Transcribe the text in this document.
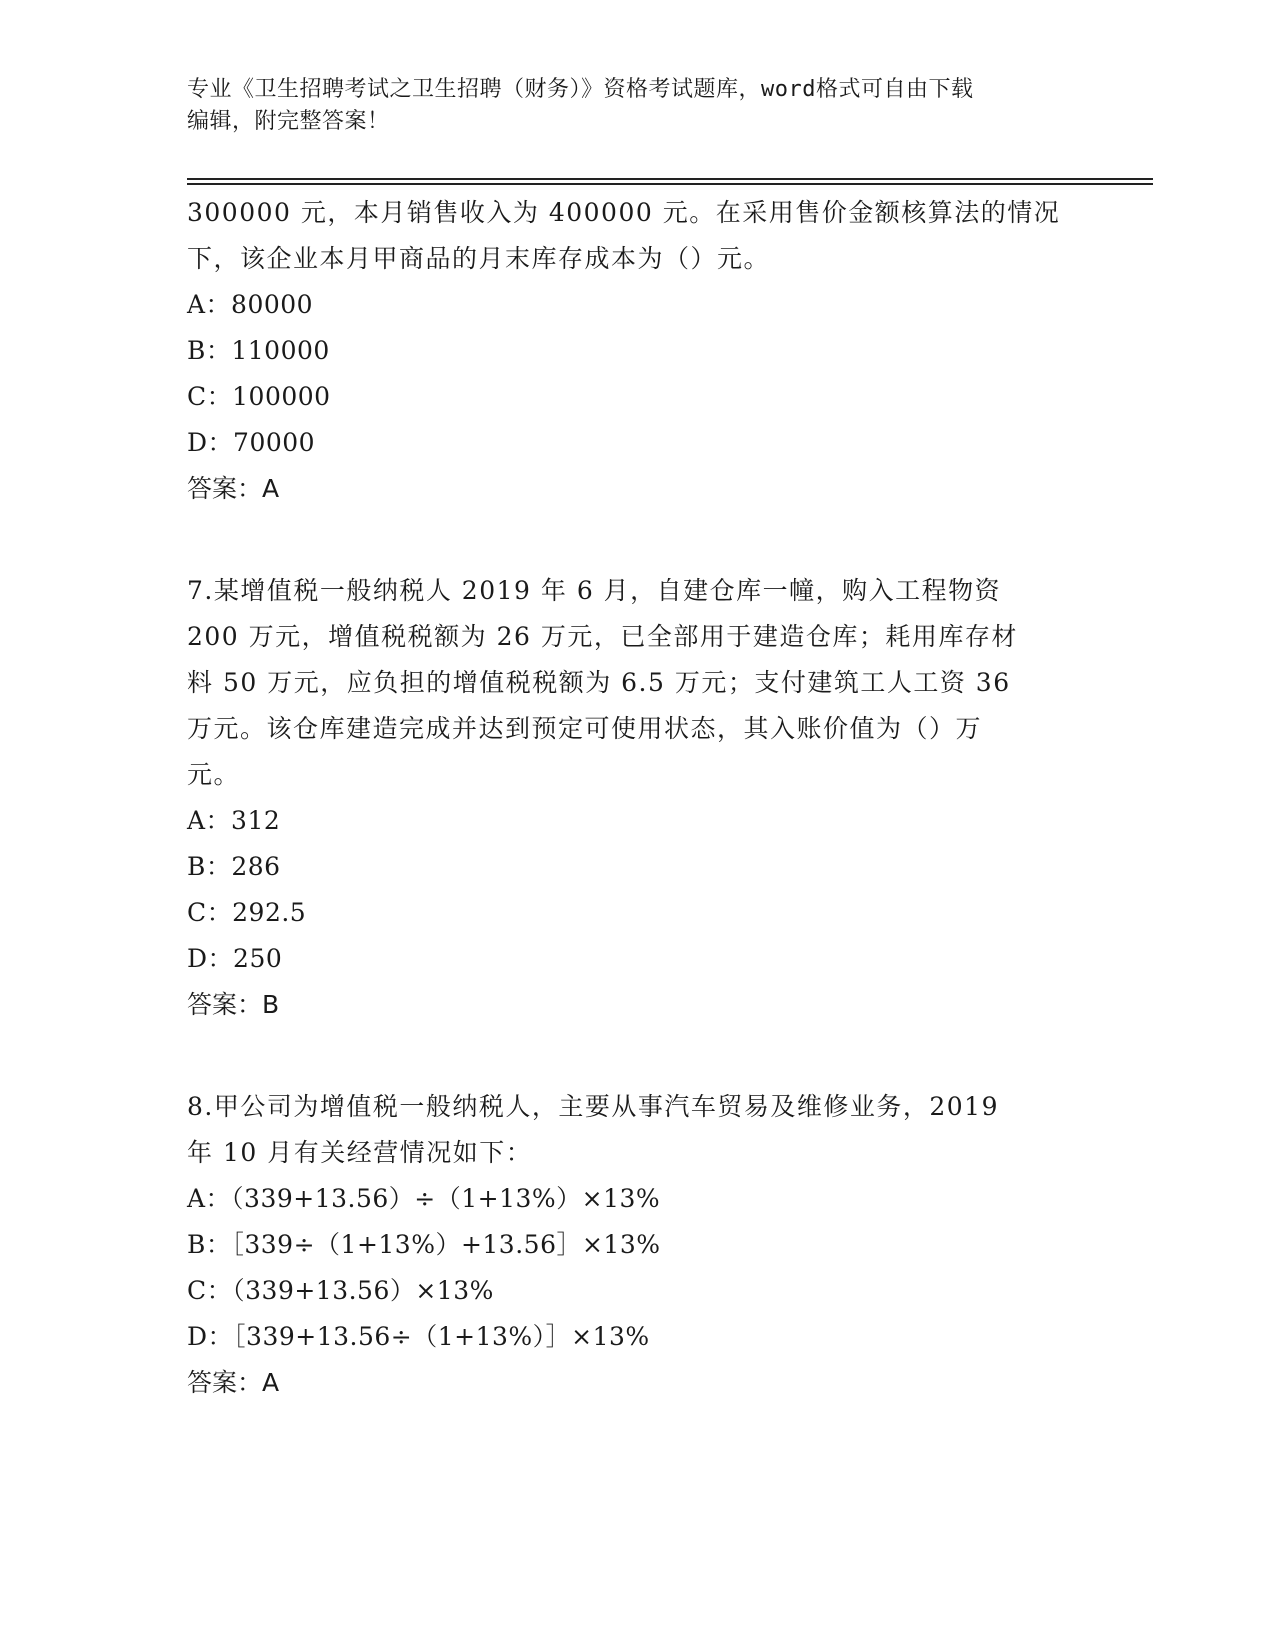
专业《卫生招聘考试之卫生招聘（财务）》资格考试题库，word格式可自由下载
编辑，附完整答案！
300000 元，本月销售收入为 400000 元。在采用售价金额核算法的情况
下，该企业本月甲商品的月末库存成本为（）元。
A：80000
B：110000
C：100000
D：70000
答案：A
7.某增值税一般纳税人 2019 年 6 月，自建仓库一幢，购入工程物资
200 万元，增值税税额为 26 万元，已全部用于建造仓库；耗用库存材
料 50 万元，应负担的增值税税额为 6.5 万元；支付建筑工人工资 36
万元。该仓库建造完成并达到预定可使用状态，其入账价值为（）万
元。
A：312
B：286
C：292.5
D：250
答案：B
8.甲公司为增值税一般纳税人，主要从事汽车贸易及维修业务，2019
年 10 月有关经营情况如下：
A：（339+13.56）÷（1+13%）×13%
B：［339÷（1+13%）+13.56］×13%
C：（339+13.56）×13%
D：［339+13.56÷（1+13%）］×13%
答案：A
